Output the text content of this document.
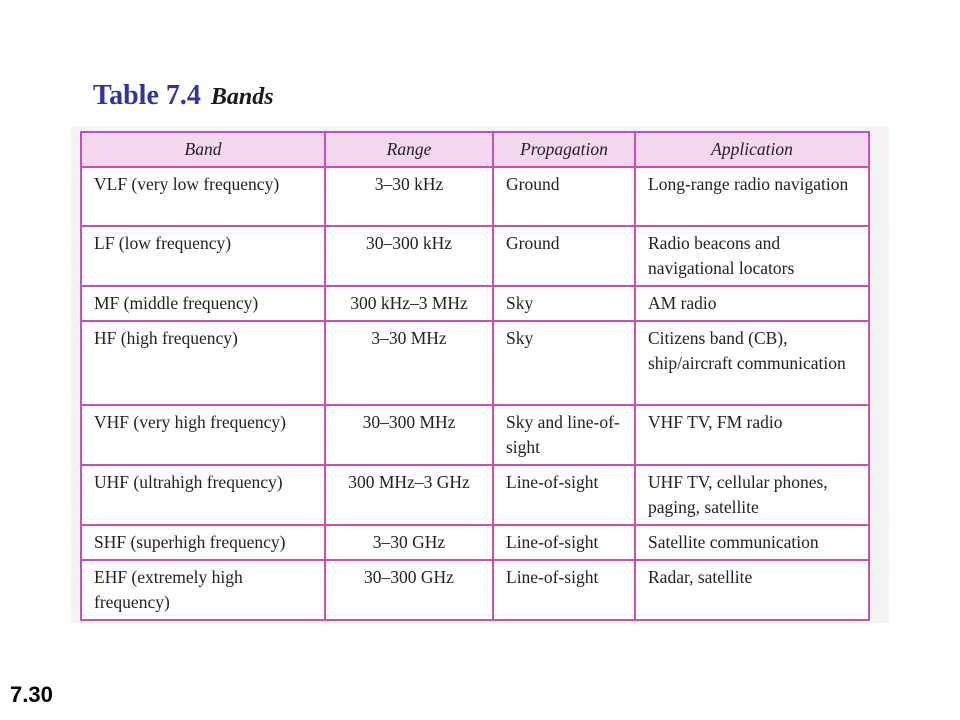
Table 7.4 Bands
Band	Range	Propagation	Application
VLF (very low frequency)	3–30 kHz	Ground	Long-range radio navigation
LF (low frequency)	30–300 kHz	Ground	Radio beacons and navigational locators
MF (middle frequency)	300 kHz–3 MHz	Sky	AM radio
HF (high frequency)	3–30 MHz	Sky	Citizens band (CB), ship/aircraft communication
VHF (very high frequency)	30–300 MHz	Sky and line-of-sight	VHF TV, FM radio
UHF (ultrahigh frequency)	300 MHz–3 GHz	Line-of-sight	UHF TV, cellular phones, paging, satellite
SHF (superhigh frequency)	3–30 GHz	Line-of-sight	Satellite communication
EHF (extremely high frequency)	30–300 GHz	Line-of-sight	Radar, satellite
7.30
